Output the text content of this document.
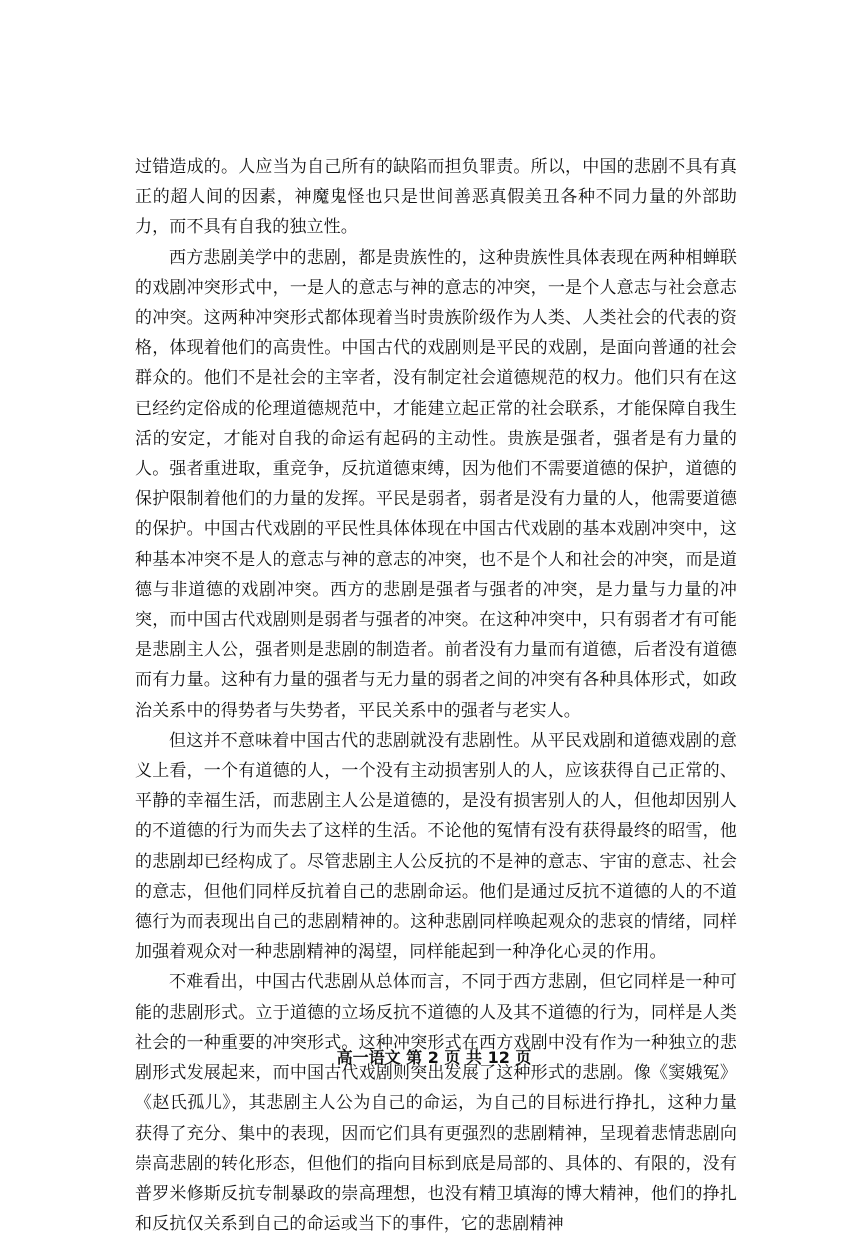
过错造成的。人应当为自己所有的缺陷而担负罪责。所以，中国的悲剧不具有真正的超人间的因素，神魔鬼怪也只是世间善恶真假美丑各种不同力量的外部助力，而不具有自我的独立性。

西方悲剧美学中的悲剧，都是贵族性的，这种贵族性具体表现在两种相蝉联的戏剧冲突形式中，一是人的意志与神的意志的冲突，一是个人意志与社会意志的冲突。这两种冲突形式都体现着当时贵族阶级作为人类、人类社会的代表的资格，体现着他们的高贵性。中国古代的戏剧则是平民的戏剧，是面向普通的社会群众的。他们不是社会的主宰者，没有制定社会道德规范的权力。他们只有在这已经约定俗成的伦理道德规范中，才能建立起正常的社会联系，才能保障自我生活的安定，才能对自我的命运有起码的主动性。贵族是强者，强者是有力量的人。强者重进取，重竞争，反抗道德束缚，因为他们不需要道德的保护，道德的保护限制着他们的力量的发挥。平民是弱者，弱者是没有力量的人，他需要道德的保护。中国古代戏剧的平民性具体体现在中国古代戏剧的基本戏剧冲突中，这种基本冲突不是人的意志与神的意志的冲突，也不是个人和社会的冲突，而是道德与非道德的戏剧冲突。西方的悲剧是强者与强者的冲突，是力量与力量的冲突，而中国古代戏剧则是弱者与强者的冲突。在这种冲突中，只有弱者才有可能是悲剧主人公，强者则是悲剧的制造者。前者没有力量而有道德，后者没有道德而有力量。这种有力量的强者与无力量的弱者之间的冲突有各种具体形式，如政治关系中的得势者与失势者，平民关系中的强者与老实人。

但这并不意味着中国古代的悲剧就没有悲剧性。从平民戏剧和道德戏剧的意义上看，一个有道德的人，一个没有主动损害别人的人，应该获得自己正常的、平静的幸福生活，而悲剧主人公是道德的，是没有损害别人的人，但他却因别人的不道德的行为而失去了这样的生活。不论他的冤情有没有获得最终的昭雪，他的悲剧却已经构成了。尽管悲剧主人公反抗的不是神的意志、宇宙的意志、社会的意志，但他们同样反抗着自己的悲剧命运。他们是通过反抗不道德的人的不道德行为而表现出自己的悲剧精神的。这种悲剧同样唤起观众的悲哀的情绪，同样加强着观众对一种悲剧精神的渴望，同样能起到一种净化心灵的作用。

不难看出，中国古代悲剧从总体而言，不同于西方悲剧，但它同样是一种可能的悲剧形式。立于道德的立场反抗不道德的人及其不道德的行为，同样是人类社会的一种重要的冲突形式。这种冲突形式在西方戏剧中没有作为一种独立的悲剧形式发展起来，而中国古代戏剧则突出发展了这种形式的悲剧。像《窦娥冤》《赵氏孤儿》，其悲剧主人公为自己的命运，为自己的目标进行挣扎，这种力量获得了充分、集中的表现，因而它们具有更强烈的悲剧精神，呈现着悲情悲剧向崇高悲剧的转化形态，但他们的指向目标到底是局部的、具体的、有限的，没有普罗米修斯反抗专制暴政的崇高理想，也没有精卫填海的博大精神，他们的挣扎和反抗仅关系到自己的命运或当下的事件，它的悲剧精神

高一语文 第 2 页 共 12 页
